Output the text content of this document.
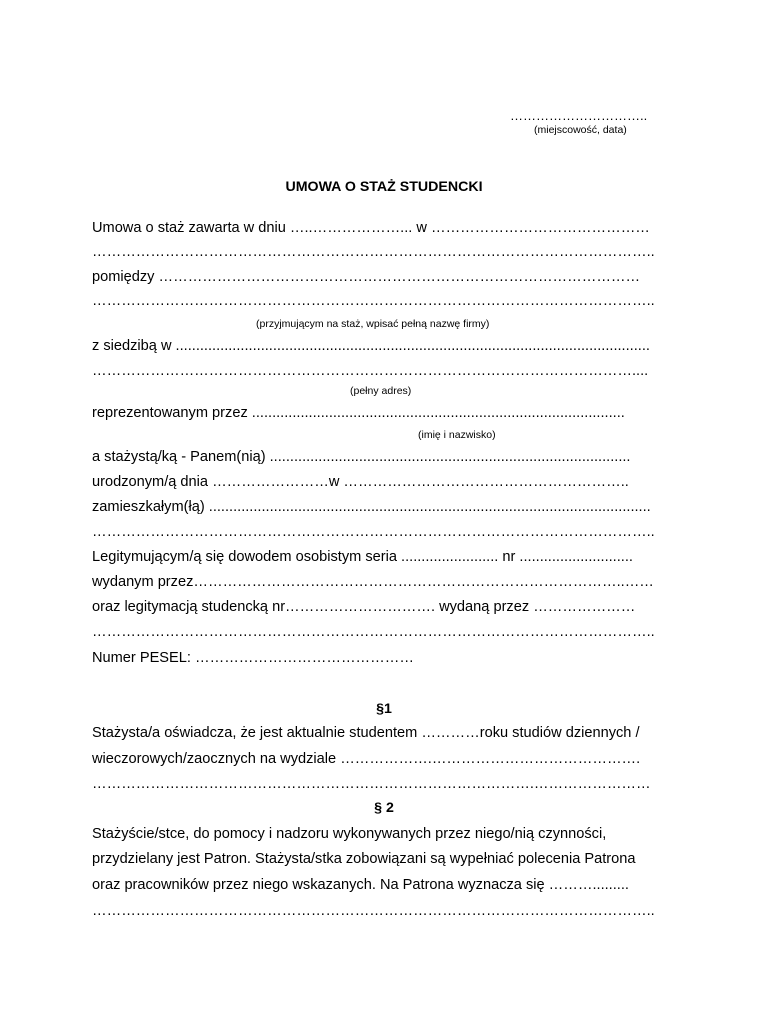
…………………………..
(miejscowość, data)
UMOWA O STAŻ STUDENCKI
Umowa o staż zawarta w dniu …..………………... w ………………………………………
……………………………………………………………………………………………………..
pomiędzy ………………………………………………………………………………………
……………………………………………………………………………………………………..
(przyjmującym na staż, wpisać pełną nazwę firmy)
z siedzibą w .....................................................................................................................
…………………………………………………………………………………………………....
(pełny adres)
reprezentowanym przez ............................................................................................
(imię i nazwisko)
a stażystą/ką - Panem(nią) .........................................................................................
urodzonym/ą dnia ……………………w …………………………………………………..
zamieszkałym(łą) .............................................................................................................
……………………………………………………………………………………………………..
Legitymującym/ą się dowodem osobistym seria ........................ nr ............................
wydanym przez……………………………………………………………………………..……
oraz legitymacją studencką nr…………………………. wydaną przez …………………
……………………………………………………………………………………………………..
Numer PESEL: ………………………………………
§1
Stażysta/a oświadcza, że jest aktualnie studentem …………roku studiów dziennych /
wieczorowych/zaocznych na wydziale ……………….…………………………………….
……………………………………………………………………………….……………………
§ 2
Stażyście/stce, do pomocy i nadzoru wykonywanych przez niego/nią czynności,
przydzielany jest Patron. Stażysta/stka zobowiązani są wypełniać polecenia Patrona
oraz pracowników przez niego wskazanych. Na Patrona wyznacza się ……….........
……………………………………………………………………………………………………..
